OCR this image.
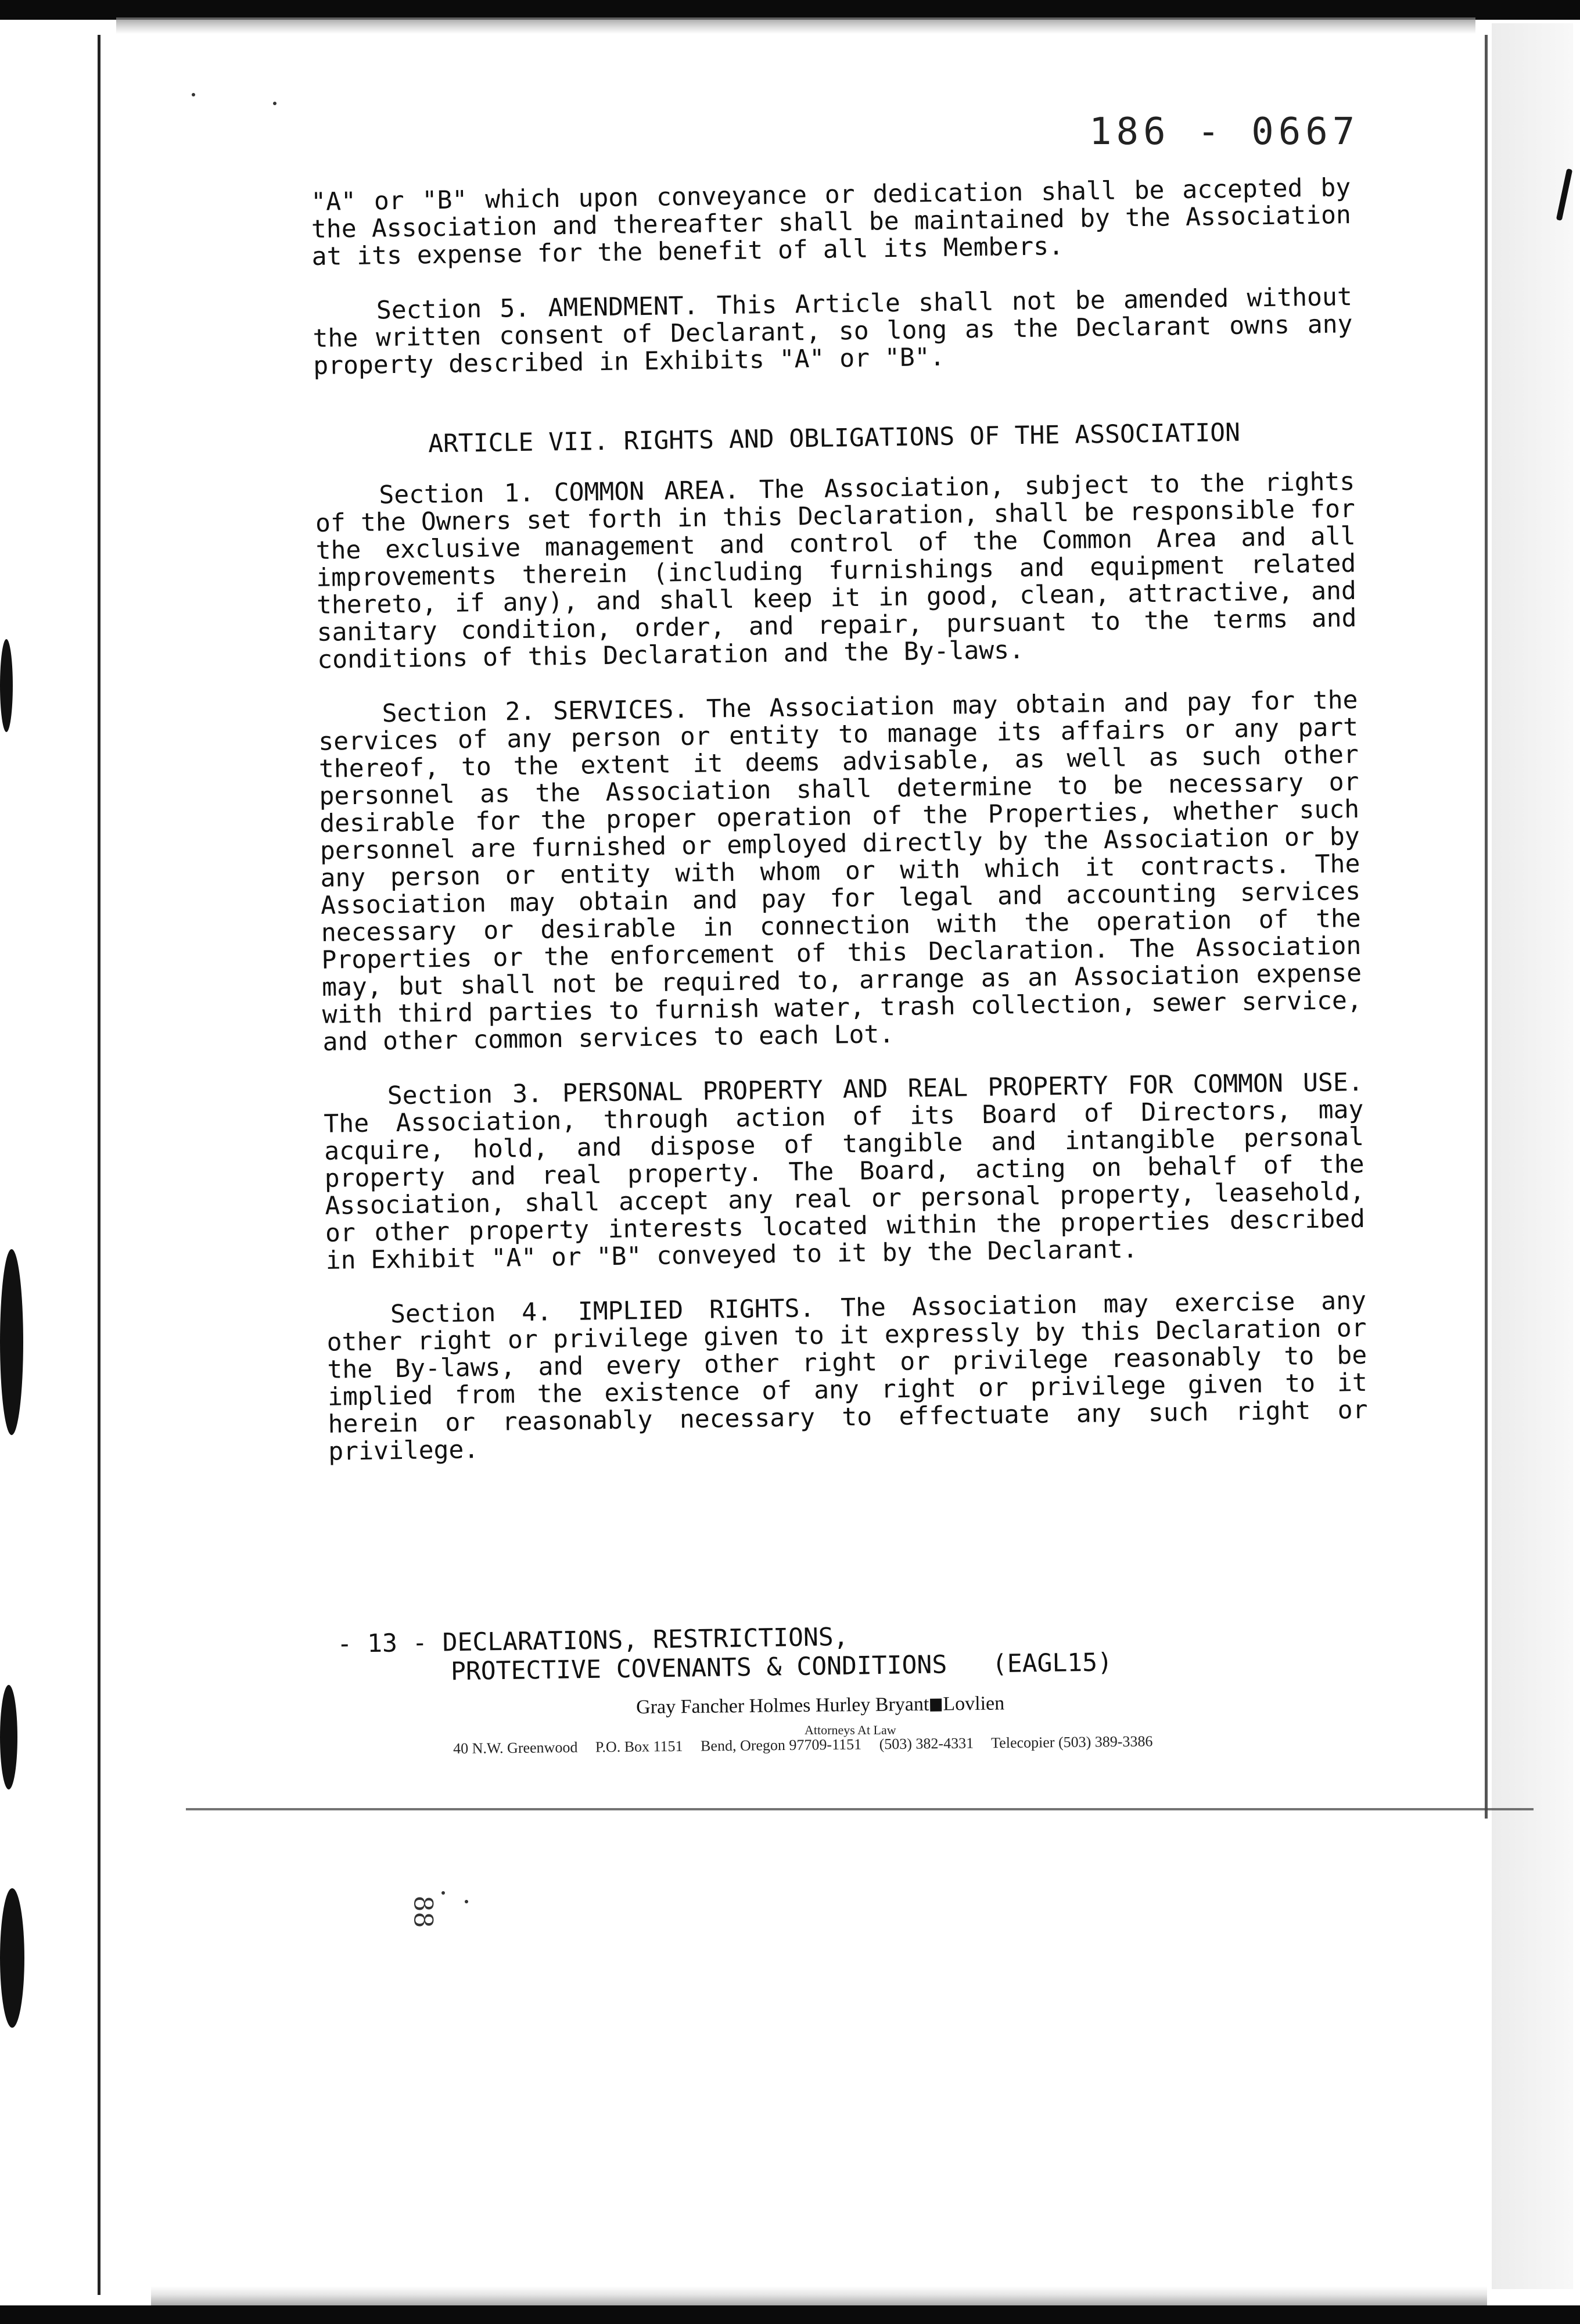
186 - 0667

"A" or "B" which upon conveyance or dedication shall be accepted by the Association and thereafter shall be maintained by the Association at its expense for the benefit of all its Members.

Section 5. AMENDMENT. This Article shall not be amended without the written consent of Declarant, so long as the Declarant owns any property described in Exhibits "A" or "B".

ARTICLE VII. RIGHTS AND OBLIGATIONS OF THE ASSOCIATION

Section 1. COMMON AREA. The Association, subject to the rights of the Owners set forth in this Declaration, shall be responsible for the exclusive management and control of the Common Area and all improvements therein (including furnishings and equipment related thereto, if any), and shall keep it in good, clean, attractive, and sanitary condition, order, and repair, pursuant to the terms and conditions of this Declaration and the By-laws.

Section 2. SERVICES. The Association may obtain and pay for the services of any person or entity to manage its affairs or any part thereof, to the extent it deems advisable, as well as such other personnel as the Association shall determine to be necessary or desirable for the proper operation of the Properties, whether such personnel are furnished or employed directly by the Association or by any person or entity with whom or with which it contracts. The Association may obtain and pay for legal and accounting services necessary or desirable in connection with the operation of the Properties or the enforcement of this Declaration. The Association may, but shall not be required to, arrange as an Association expense with third parties to furnish water, trash collection, sewer service, and other common services to each Lot.

Section 3. PERSONAL PROPERTY AND REAL PROPERTY FOR COMMON USE. The Association, through action of its Board of Directors, may acquire, hold, and dispose of tangible and intangible personal property and real property. The Board, acting on behalf of the Association, shall accept any real or personal property, leasehold, or other property interests located within the properties described in Exhibit "A" or "B" conveyed to it by the Declarant.

Section 4. IMPLIED RIGHTS. The Association may exercise any other right or privilege given to it expressly by this Declaration or the By-laws, and every other right or privilege reasonably to be implied from the existence of any right or privilege given to it herein or reasonably necessary to effectuate any such right or privilege.

- 13 - DECLARATIONS, RESTRICTIONS,
PROTECTIVE COVENANTS & CONDITIONS (EAGL15)
Gray Fancher Holmes Hurley Bryant Lovlien
Attorneys At Law
40 N.W. Greenwood P.O. Box 1151 Bend, Oregon 97709-1151 (503) 382-4331 Telecopier (503) 389-3386
88
